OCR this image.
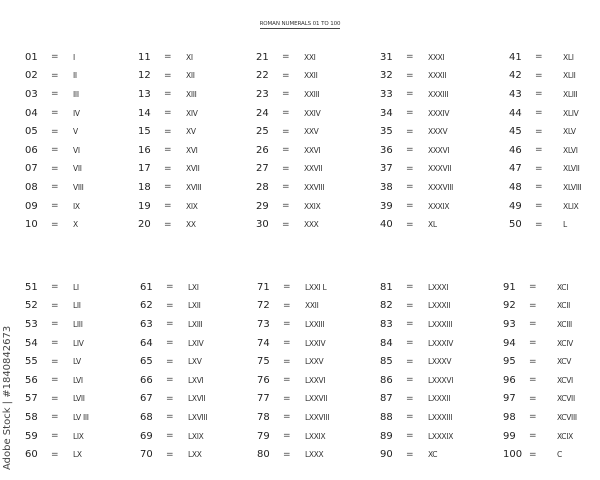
ROMAN NUMERALS 01 TO 100
01	=	I
02	=	II
03	=	III
04	=	IV
05	=	V
06	=	VI
07	=	VII
08	=	VIII
09	=	IX
10	=	X
11	=	XI
12	=	XII
13	=	XIII
14	=	XIV
15	=	XV
16	=	XVI
17	=	XVII
18	=	XVIII
19	=	XIX
20	=	XX
21	=	XXI
22	=	XXII
23	=	XXIII
24	=	XXIV
25	=	XXV
26	=	XXVI
27	=	XXVII
28	=	XXVIII
29	=	XXIX
30	=	XXX
31	=	XXXI
32	=	XXXII
33	=	XXXIII
34	=	XXXIV
35	=	XXXV
36	=	XXXVI
37	=	XXXVII
38	=	XXXVIII
39	=	XXXIX
40	=	XL
41	=	XLI
42	=	XLII
43	=	XLIII
44	=	XLIV
45	=	XLV
46	=	XLVI
47	=	XLVII
48	=	XLVIII
49	=	XLIX
50	=	L
51	=	LI
52	=	LII
53	=	LIII
54	=	LIV
55	=	LV
56	=	LVI
57	=	LVII
58	=	LV III
59	=	LIX
60	=	LX
61	=	LXI
62	=	LXII
63	=	LXIII
64	=	LXIV
65	=	LXV
66	=	LXVI
67	=	LXVII
68	=	LXVIII
69	=	LXIX
70	=	LXX
71	=	LXXI L
72	=	XXII
73	=	LXXIII
74	=	LXXIV
75	=	LXXV
76	=	LXXVI
77	=	LXXVII
78	=	LXXVIII
79	=	LXXIX
80	=	LXXX
81	=	LXXXI
82	=	LXXXII
83	=	LXXXIII
84	=	LXXXIV
85	=	LXXXV
86	=	LXXXVI
87	=	LXXXII
88	=	LXXXIII
89	=	LXXXIX
90	=	XC
91	=	XCI
92	=	XCII
93	=	XCIII
94	=	XCIV
95	=	XCV
96	=	XCVI
97	=	XCVII
98	=	XCVIII
99	=	XCIX
100 =	C
Adobe Stock | #1840842673
